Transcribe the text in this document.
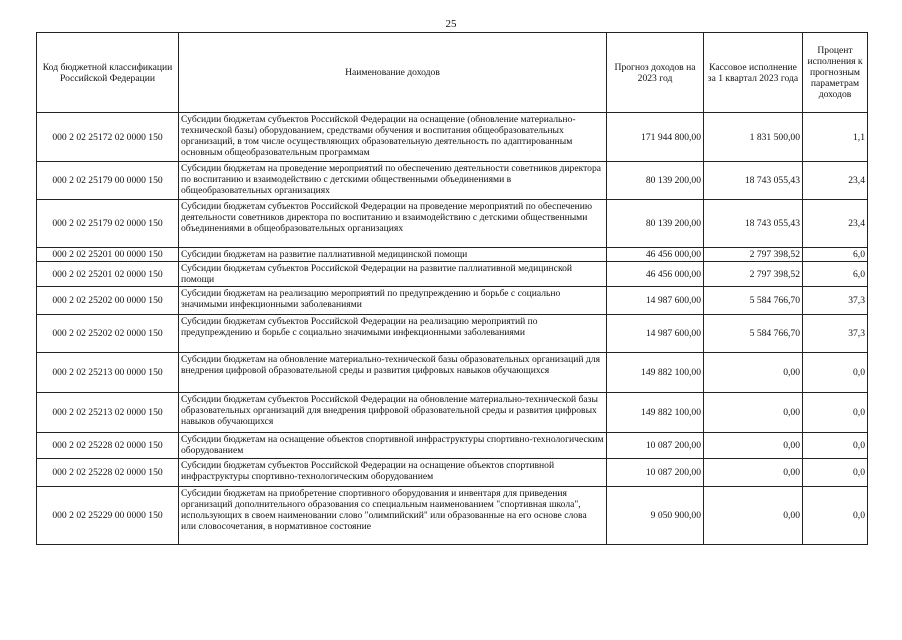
25
Код бюджетной классификации Российской Федерации	Наименование доходов	Прогноз доходов на 2023 год	Кассовое исполнение за 1 квартал 2023 года	Процент исполнения к прогнозным параметрам доходов
000 2 02 25172 02 0000 150	Субсидии бюджетам субъектов Российской Федерации на оснащение (обновление материально-технической базы) оборудованием, средствами обучения и воспитания общеобразовательных организаций, в том числе осуществляющих образовательную деятельность по адаптированным основным общеобразовательным программам	171 944 800,00	1 831 500,00	1,1
000 2 02 25179 00 0000 150	Субсидии бюджетам на проведение мероприятий по обеспечению деятельности советников директора по воспитанию и взаимодействию с детскими общественными объединениями в общеобразовательных организациях	80 139 200,00	18 743 055,43	23,4
000 2 02 25179 02 0000 150	Субсидии бюджетам субъектов Российской Федерации на проведение мероприятий по обеспечению деятельности советников директора по воспитанию и взаимодействию с детскими общественными объединениями в общеобразовательных организациях	80 139 200,00	18 743 055,43	23,4
000 2 02 25201 00 0000 150	Субсидии бюджетам на развитие паллиативной медицинской помощи	46 456 000,00	2 797 398,52	6,0
000 2 02 25201 02 0000 150	Субсидии бюджетам субъектов Российской Федерации на развитие паллиативной медицинской помощи	46 456 000,00	2 797 398,52	6,0
000 2 02 25202 00 0000 150	Субсидии бюджетам на реализацию мероприятий по предупреждению и борьбе с социально значимыми инфекционными заболеваниями	14 987 600,00	5 584 766,70	37,3
000 2 02 25202 02 0000 150	Субсидии бюджетам субъектов Российской Федерации на реализацию мероприятий по предупреждению и борьбе с социально значимыми инфекционными заболеваниями	14 987 600,00	5 584 766,70	37,3
000 2 02 25213 00 0000 150	Субсидии бюджетам на обновление материально-технической базы образовательных организаций для внедрения цифровой образовательной среды и развития цифровых навыков обучающихся	149 882 100,00	0,00	0,0
000 2 02 25213 02 0000 150	Субсидии бюджетам субъектов Российской Федерации на обновление материально-технической базы образовательных организаций для внедрения цифровой образовательной среды и развития цифровых навыков обучающихся	149 882 100,00	0,00	0,0
000 2 02 25228 02 0000 150	Субсидии бюджетам на оснащение объектов спортивной инфраструктуры спортивно-технологическим оборудованием	10 087 200,00	0,00	0,0
000 2 02 25228 02 0000 150	Субсидии бюджетам субъектов Российской Федерации на оснащение объектов спортивной инфраструктуры спортивно-технологическим оборудованием	10 087 200,00	0,00	0,0
000 2 02 25229 00 0000 150	Субсидии бюджетам на приобретение спортивного оборудования и инвентаря для приведения организаций дополнительного образования со специальным наименованием "спортивная школа", использующих в своем наименовании слово "олимпийский" или образованные на его основе слова или словосочетания, в нормативное состояние	9 050 900,00	0,00	0,0
